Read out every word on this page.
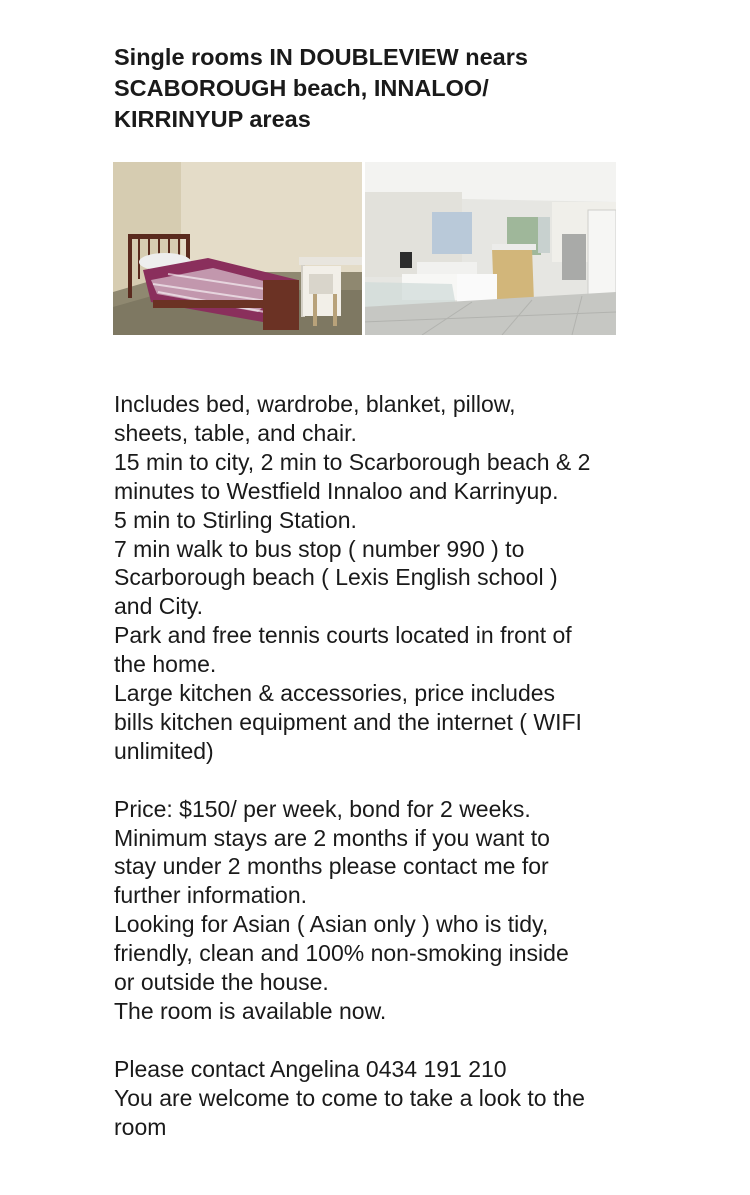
Single rooms IN DOUBLEVIEW nears
SCABOROUGH beach, INNALOO/
KIRRINYUP areas

Includes bed, wardrobe, blanket, pillow,

sheets, table, and chair.

15 min to city, 2 min to Scarborough beach & 2

minutes to Westfield Innaloo and Karrinyup.

5 min to Stirling Station.

7 min walk to bus stop ( number 990 ) to

Scarborough beach ( Lexis English school )

and City.

Park and free tennis courts located in front of

the home.

Large kitchen & accessories, price includes

bills kitchen equipment and the internet ( WIFI

unlimited)

Price: $150/ per week, bond for 2 weeks.

Minimum stays are 2 months if you want to

stay under 2 months please contact me for

further information.

Looking for Asian ( Asian only ) who is tidy,

friendly, clean and 100% non-smoking inside

or outside the house.

The room is available now.

Please contact Angelina 0434 191 210

You are welcome to come to take a look to the

room
